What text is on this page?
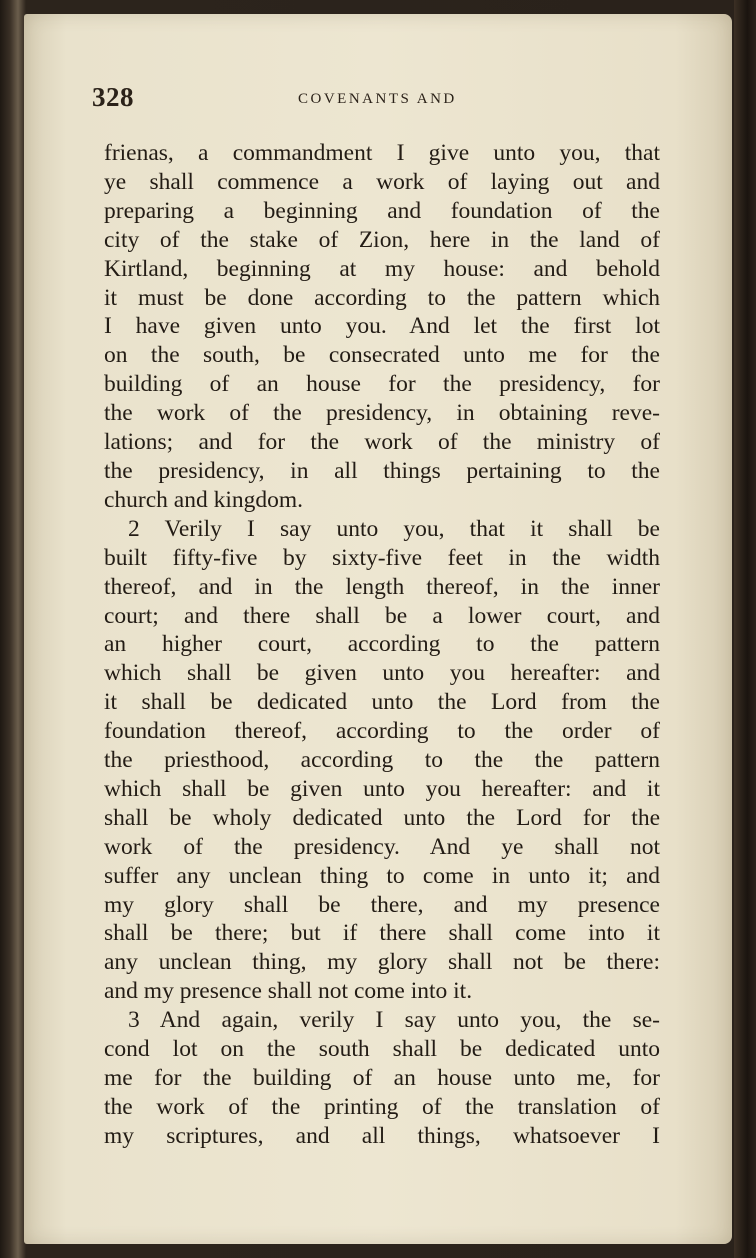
328	COVENANTS AND
frienas, a commandment I give unto you, that
ye shall commence a work of laying out and
preparing a beginning and foundation of the
city of the stake of Zion, here in the land of
Kirtland, beginning at my house: and behold
it must be done according to the pattern which
I have given unto you. And let the first lot
on the south, be consecrated unto me for the
building of an house for the presidency, for
the work of the presidency, in obtaining reve-
lations; and for the work of the ministry of
the presidency, in all things pertaining to the
church and kingdom.
2 Verily I say unto you, that it shall be
built fifty-five by sixty-five feet in the width
thereof, and in the length thereof, in the inner
court; and there shall be a lower court, and
an higher court, according to the pattern
which shall be given unto you hereafter: and
it shall be dedicated unto the Lord from the
foundation thereof, according to the order of
the priesthood, according to the the pattern
which shall be given unto you hereafter: and it
shall be wholy dedicated unto the Lord for the
work of the presidency. And ye shall not
suffer any unclean thing to come in unto it; and
my glory shall be there, and my presence
shall be there; but if there shall come into it
any unclean thing, my glory shall not be there:
and my presence shall not come into it.
3 And again, verily I say unto you, the se-
cond lot on the south shall be dedicated unto
me for the building of an house unto me, for
the work of the printing of the translation of
my scriptures, and all things, whatsoever I
